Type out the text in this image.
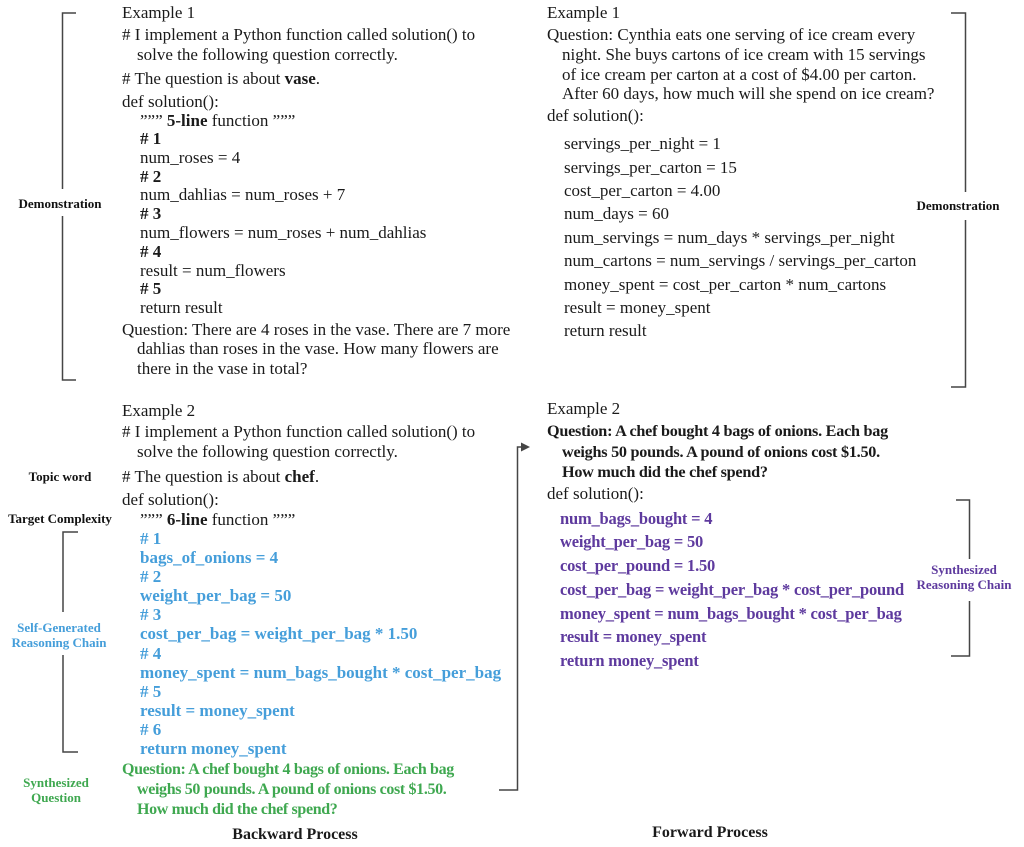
Demonstration
Topic word
Target Complexity
Self-Generated
Reasoning Chain
Synthesized
Question
Demonstration
Synthesized
Reasoning Chain
Example 1
# I implement a Python function called solution() to
solve the following question correctly.
# The question is about vase.
def solution():
””” 5-line function ”””
# 1
num_roses = 4
# 2
num_dahlias = num_roses + 7
# 3
num_flowers = num_roses + num_dahlias
# 4
result = num_flowers
# 5
return result
Question: There are 4 roses in the vase. There are 7 more
dahlias than roses in the vase. How many flowers are
there in the vase in total?
Example 2
# I implement a Python function called solution() to
solve the following question correctly.
# The question is about chef.
def solution():
””” 6-line function ”””
# 1
bags_of_onions = 4
# 2
weight_per_bag = 50
# 3
cost_per_bag = weight_per_bag * 1.50
# 4
money_spent = num_bags_bought * cost_per_bag
# 5
result = money_spent
# 6
return money_spent
Question: A chef bought 4 bags of onions. Each bag
weighs 50 pounds. A pound of onions cost $1.50.
How much did the chef spend?
Backward Process
Example 1
Question: Cynthia eats one serving of ice cream every
night. She buys cartons of ice cream with 15 servings
of ice cream per carton at a cost of $4.00 per carton.
After 60 days, how much will she spend on ice cream?
def solution():
servings_per_night = 1
servings_per_carton = 15
cost_per_carton = 4.00
num_days = 60
num_servings = num_days * servings_per_night
num_cartons = num_servings / servings_per_carton
money_spent = cost_per_carton * num_cartons
result = money_spent
return result
Example 2
Question: A chef bought 4 bags of onions. Each bag
weighs 50 pounds. A pound of onions cost $1.50.
How much did the chef spend?
def solution():
num_bags_bought = 4
weight_per_bag = 50
cost_per_pound = 1.50
cost_per_bag = weight_per_bag * cost_per_pound
money_spent = num_bags_bought * cost_per_bag
result = money_spent
return money_spent
Forward Process
